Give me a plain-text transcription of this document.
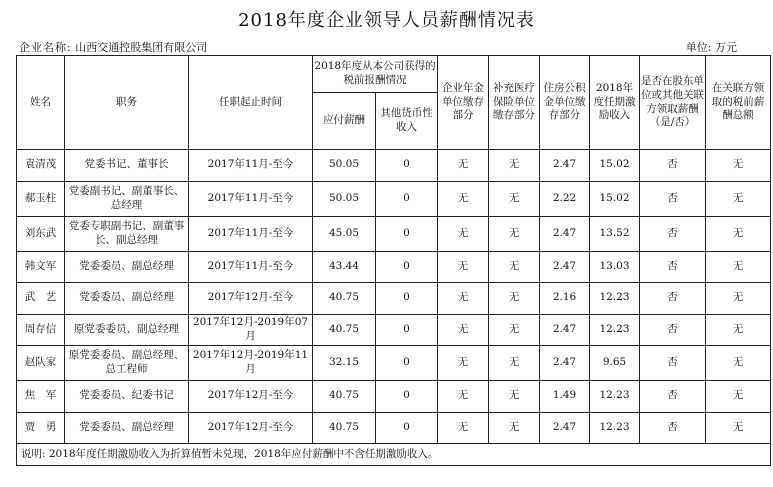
2018年度企业领导人员薪酬情况表
企业名称: 山西交通控股集团有限公司	单位: 万元
姓名	职务	任职起止时间	2018年度从本公司获得的税前报酬情况		企业年金单位缴存部分	补充医疗保险单位缴存部分	住房公积金单位缴存部分	2018年度任期激励收入	是否在股东单位或其他关联方领取薪酬（是/否）	在关联方领取的税前薪酬总额
			应付薪酬	其他货币性收入						
袁清茂	党委书记、董事长	2017年11月-至今	50.05	0	无	无	2.47	15.02	否	无
郝玉柱	党委副书记、副董事长、总经理	2017年11月-至今	50.05	0	无	无	2.22	15.02	否	无
刘东武	党委专职副书记、副董事长、副总经理	2017年11月-至今	45.05	0	无	无	2.47	13.52	否	无
韩文军	党委委员、副总经理	2017年11月-至今	43.44	0	无	无	2.47	13.03	否	无
武　艺	党委委员、副总经理	2017年12月-至今	40.75	0	无	无	2.16	12.23	否	无
周存信	原党委委员、副总经理	2017年12月-2019年07月	40.75	0	无	无	2.47	12.23	否	无
赵队家	原党委委员、副总经理、总工程师	2017年12月-2019年11月	32.15	0	无	无	2.47	9.65	否	无
焦　军	党委委员、纪委书记	2017年12月-至今	40.75	0	无	无	1.49	12.23	否	无
贾　勇	党委委员、副总经理	2017年12月-至今	40.75	0	无	无	2.47	12.23	否	无
说明: 2018年度任期激励收入为折算值暂未兑现，2018年应付薪酬中不含任期激励收入。										
